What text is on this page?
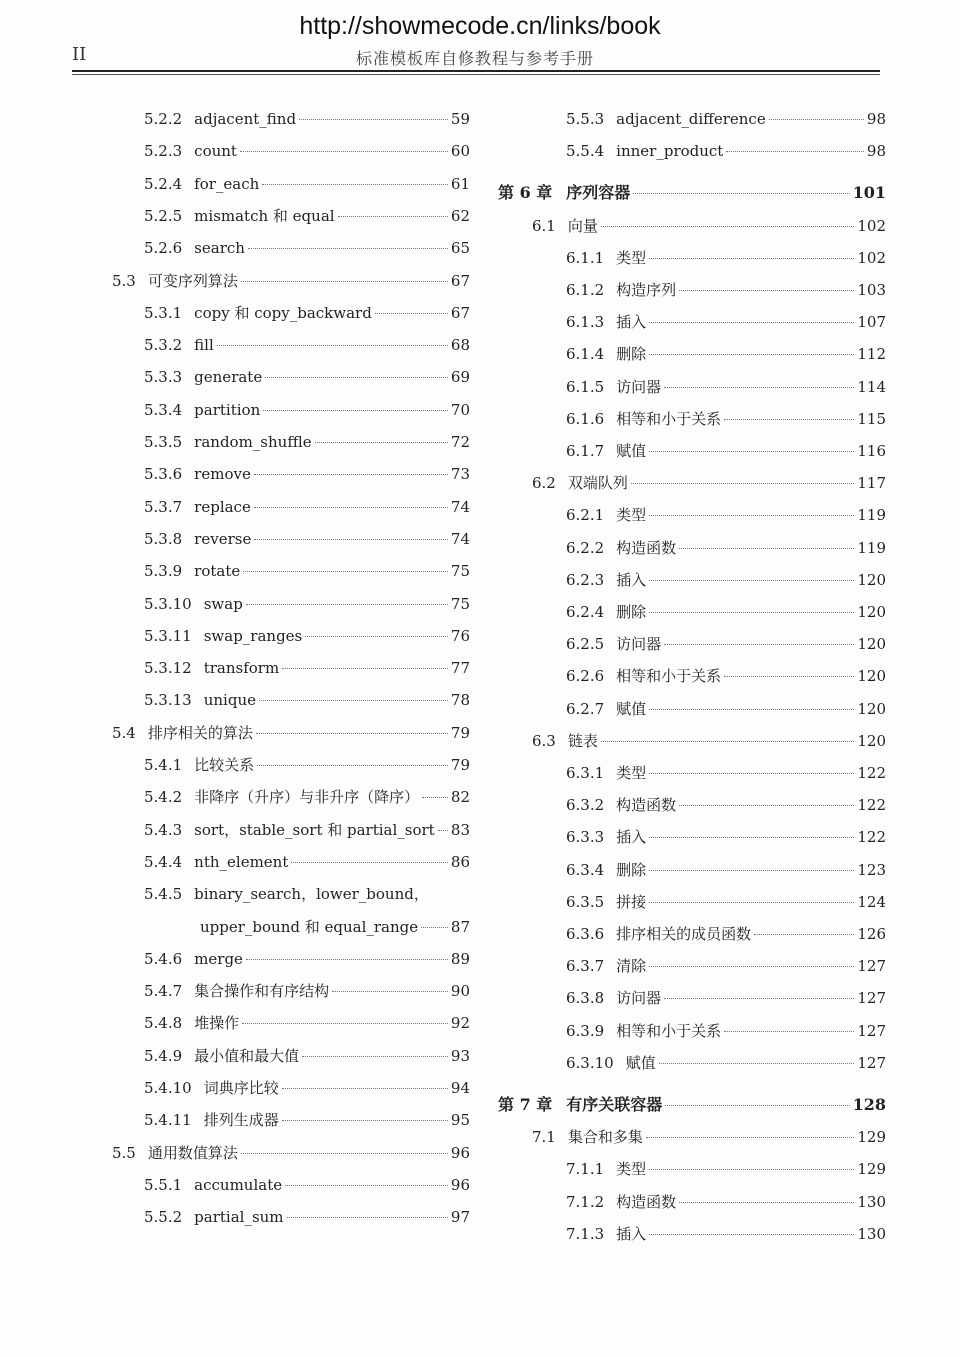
http://showmecode.cn/links/book
II	标准模板库自修教程与参考手册
5.2.2 adjacent_find	59
5.2.3 count	60
5.2.4 for_each	61
5.2.5 mismatch 和 equal	62
5.2.6 search	65
5.3 可变序列算法	67
5.3.1 copy 和 copy_backward	67
5.3.2 fill	68
5.3.3 generate	69
5.3.4 partition	70
5.3.5 random_shuffle	72
5.3.6 remove	73
5.3.7 replace	74
5.3.8 reverse	74
5.3.9 rotate	75
5.3.10 swap	75
5.3.11 swap_ranges	76
5.3.12 transform	77
5.3.13 unique	78
5.4 排序相关的算法	79
5.4.1 比较关系	79
5.4.2 非降序（升序）与非升序（降序） 82
5.4.3 sort，stable_sort 和 partial_sort 83
5.4.4 nth_element	86
5.4.5 binary_search，lower_bound，
upper_bound 和 equal_range 87
5.4.6 merge	89
5.4.7 集合操作和有序结构	90
5.4.8 堆操作	92
5.4.9 最小值和最大值	93
5.4.10 词典序比较	94
5.4.11 排列生成器	95
5.5 通用数值算法	96
5.5.1 accumulate	96
5.5.2 partial_sum	97
5.5.3 adjacent_difference	98
5.5.4 inner_product	98
第 6 章 序列容器	101
6.1 向量	102
6.1.1 类型	102
6.1.2 构造序列	103
6.1.3 插入	107
6.1.4 删除	112
6.1.5 访问器	114
6.1.6 相等和小于关系	115
6.1.7 赋值	116
6.2 双端队列	117
6.2.1 类型	119
6.2.2 构造函数	119
6.2.3 插入	120
6.2.4 删除	120
6.2.5 访问器	120
6.2.6 相等和小于关系	120
6.2.7 赋值	120
6.3 链表	120
6.3.1 类型	122
6.3.2 构造函数	122
6.3.3 插入	122
6.3.4 删除	123
6.3.5 拼接	124
6.3.6 排序相关的成员函数	126
6.3.7 清除	127
6.3.8 访问器	127
6.3.9 相等和小于关系	127
6.3.10 赋值	127
第 7 章 有序关联容器	128
7.1 集合和多集	129
7.1.1 类型	129
7.1.2 构造函数	130
7.1.3 插入	130
